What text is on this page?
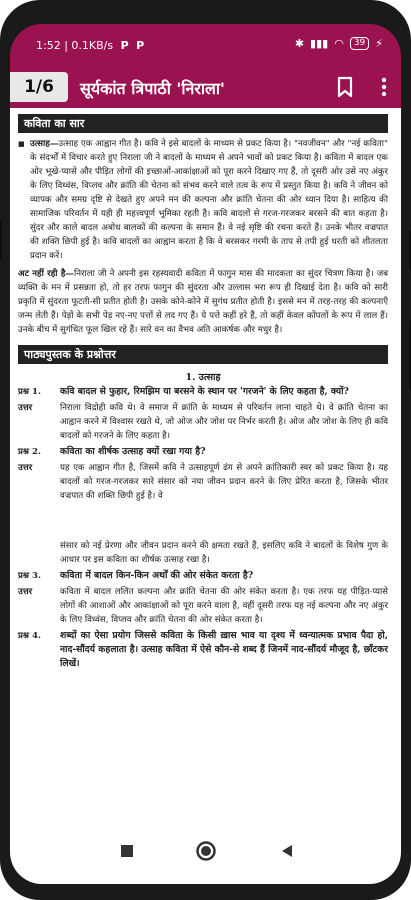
1:52 | 0.1KB/s P P	✱ ▮▮▮ ◠	39 ⚡
1/6	सूर्यकांत त्रिपाठी 'निराला'
कविता का सार

■ उत्साह—उत्साह एक आह्वान गीत है। कवि ने इसे बादलों के माध्यम से प्रकट किया है। "नवजीवन" और "नई कविता" के संदर्भों में विचार करते हुए निराला जी ने बादलों के माध्यम से अपने भावों को प्रकट किया है। कविता में बादल एक ओर भूखे-प्यासे और पीड़ित लोगों की इच्छाओं-आकांक्षाओं को पूरा करने दिखाए गए हैं, तो दूसरी ओर उसे नए अंकुर के लिए विध्वंस, विप्लव और क्रांति की चेतना को संभव करने वाले तत्व के रूप में प्रस्तुत किया है। कवि ने जीवन को व्यापक और समग्र दृष्टि से देखते हुए अपने मन की कल्पना और क्रांति चेतना की ओर ध्यान दिया है। साहित्य की सामाजिक परिवर्तन में यही ही महत्त्वपूर्ण भूमिका रहती है। कवि बादलों से गरज-गरजकर बरसने की बात कहता है। सुंदर और काले बादल अबोध बालकों की कल्पना के समान हैं। वे नई सृष्टि की रचना करते हैं। उनके भीतर वज्रपात की शक्ति छिपी हुई है। कवि बादलों का आह्वान करता है कि वे बरसकर गरमी के ताप से तपी हुई धरती को शीतलता प्रदान करें।

अट नहीं रही है—निराला जी ने अपनी इस रहस्यवादी कविता में फागुन मास की मादकता का सुंदर चित्रण किया है। जब व्यक्ति के मन में प्रसन्नता हो, तो हर तरफ फागुन की सुंदरता और उल्लास भरा रूप ही दिखाई देता है। कवि को सारी प्रकृति में सुंदरता फूटती-सी प्रतीत होती है। उसके कोने-कोने में सुगंध प्रतीत होती है। इससे मन में तरह-तरह की कल्पनाएँ जन्म लेती हैं। पेड़ों के सभी पेड़ नए-नए पत्तों से लद गए हैं। ये पत्ते कहीं हरे हैं, तो कहीं केवल कोंपलों के रूप में लाल हैं। उनके बीच में सुगंधित फूल खिल रहे हैं। सारे वन का वैभव अति आकर्षक और मधुर है।

पाठ्यपुस्तक के प्रश्नोत्तर
1. उत्साह
प्रश्न 1.	कवि बादल से फुहार, रिमझिम या बरसने के स्थान पर 'गरजने' के लिए कहता है, क्यों?
उत्तर	निराला विद्रोही कवि थे। वे समाज में क्रांति के माध्यम से परिवर्तन लाना चाहते थे। वे क्रांति चेतना का आह्वान करने में विश्वास रखते थे, जो ओज और जोश पर निर्भर करती है। ओज और जोश के लिए ही कवि बादलों को गरजने के लिए कहता है।
प्रश्न 2.	कविता का शीर्षक उत्साह क्यों रखा गया है?
उत्तर	यह एक आह्वान गीत है, जिसमें कवि ने उत्साहपूर्ण ढंग से अपने क्रांतिकारी स्वर को प्रकट किया है। यह बादलों को गरज-गरजकर सारे संसार को नया जीवन प्रदान करने के लिए प्रेरित करता है, जिसके भीतर वज्रपात की शक्ति छिपी हुई है। वे
संसार को नई प्रेरणा और जीवन प्रदान करने की क्षमता रखते हैं, इसलिए कवि ने बादलों के विशेष गुण के आधार पर इस कविता का शीर्षक उत्साह रखा है।
प्रश्न 3.	कविता में बादल किन-किन अर्थों की ओर संकेत करता है?
उत्तर	कविता में बादल ललित कल्पना और क्रांति चेतना की ओर संकेत करता है। एक तरफ यह पीड़ित-प्यासे लोगों की आशाओं और आकांक्षाओं को पूरा करने वाला है, वहीं दूसरी तरफ यह नई कल्पना और नए अंकुर के लिए विध्वंस, विप्लव और क्रांति चेतना की ओर संकेत करता है।
प्रश्न 4.	शब्दों का ऐसा प्रयोग जिससे कविता के किसी ख़ास भाव या दृश्य में ध्वन्यात्मक प्रभाव पैदा हो, नाद-सौंदर्य कहलाता है। उत्साह कविता में ऐसे कौन-से शब्द हैं जिनमें नाद-सौंदर्य मौजूद है, छाँटकर लिखें।
